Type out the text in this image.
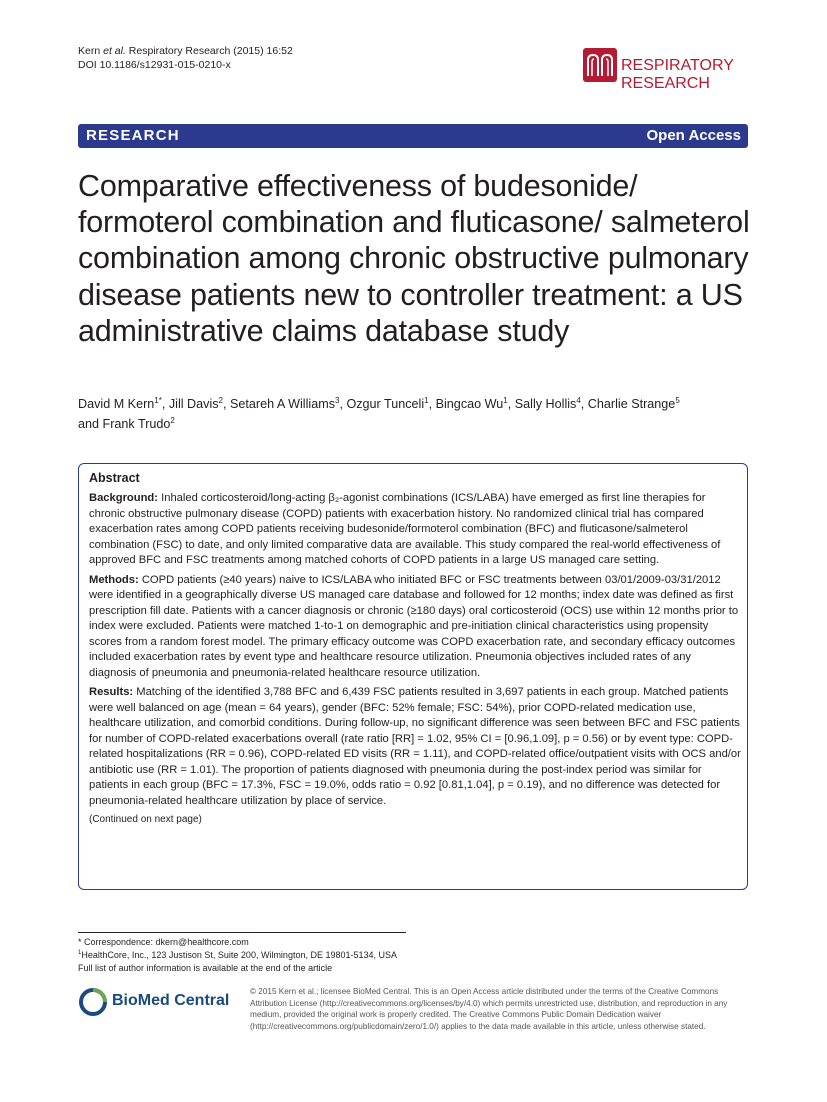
Kern et al. Respiratory Research (2015) 16:52
DOI 10.1186/s12931-015-0210-x	RESPIRATORY
RESEARCH
RESEARCH	Open Access
Comparative effectiveness of budesonide/ formoterol combination and fluticasone/ salmeterol combination among chronic obstructive pulmonary disease patients new to controller treatment: a US administrative claims database study
David M Kern$^{1*}$, Jill Davis$^2$, Setareh A Williams$^3$, Ozgur Tunceli$^1$, Bingcao Wu$^1$, Sally Hollis$^4$, Charlie Strange$^5$
and Frank Trudo$^2$
Abstract

Background: Inhaled corticosteroid/long-acting β₂-agonist combinations (ICS/LABA) have emerged as first line therapies for chronic obstructive pulmonary disease (COPD) patients with exacerbation history. No randomized clinical trial has compared exacerbation rates among COPD patients receiving budesonide/formoterol combination (BFC) and fluticasone/salmeterol combination (FSC) to date, and only limited comparative data are available. This study compared the real-world effectiveness of approved BFC and FSC treatments among matched cohorts of COPD patients in a large US managed care setting.

Methods: COPD patients (≥40 years) naive to ICS/LABA who initiated BFC or FSC treatments between 03/01/2009-03/31/2012 were identified in a geographically diverse US managed care database and followed for 12 months; index date was defined as first prescription fill date. Patients with a cancer diagnosis or chronic (≥180 days) oral corticosteroid (OCS) use within 12 months prior to index were excluded. Patients were matched 1-to-1 on demographic and pre-initiation clinical characteristics using propensity scores from a random forest model. The primary efficacy outcome was COPD exacerbation rate, and secondary efficacy outcomes included exacerbation rates by event type and healthcare resource utilization. Pneumonia objectives included rates of any diagnosis of pneumonia and pneumonia-related healthcare resource utilization.

Results: Matching of the identified 3,788 BFC and 6,439 FSC patients resulted in 3,697 patients in each group. Matched patients were well balanced on age (mean = 64 years), gender (BFC: 52% female; FSC: 54%), prior COPD-related medication use, healthcare utilization, and comorbid conditions. During follow-up, no significant difference was seen between BFC and FSC patients for number of COPD-related exacerbations overall (rate ratio [RR] = 1.02, 95% CI = [0.96,1.09], p = 0.56) or by event type: COPD-related hospitalizations (RR = 0.96), COPD-related ED visits (RR = 1.11), and COPD-related office/outpatient visits with OCS and/or antibiotic use (RR = 1.01). The proportion of patients diagnosed with pneumonia during the post-index period was similar for patients in each group (BFC = 17.3%, FSC = 19.0%, odds ratio = 0.92 [0.81,1.04], p = 0.19), and no difference was detected for pneumonia-related healthcare utilization by place of service.

(Continued on next page)
* Correspondence: dkern@healthcore.com
$^1$HealthCore, Inc., 123 Justison St, Suite 200, Wilmington, DE 19801-5134, USA
Full list of author information is available at the end of the article
BioMed Central
© 2015 Kern et al.; licensee BioMed Central. This is an Open Access article distributed under the terms of the Creative Commons Attribution License (http://creativecommons.org/licenses/by/4.0) which permits unrestricted use, distribution, and reproduction in any medium, provided the original work is properly credited. The Creative Commons Public Domain Dedication waiver (http://creativecommons.org/publicdomain/zero/1.0/) applies to the data made available in this article, unless otherwise stated.
